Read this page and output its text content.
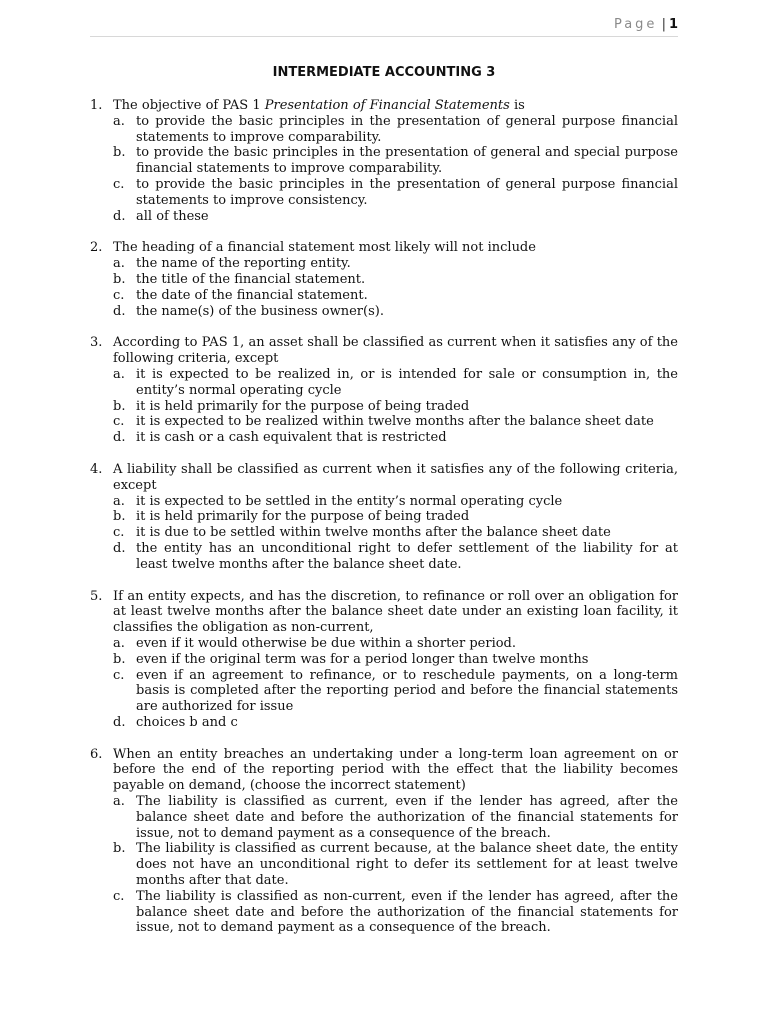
Page | 1
INTERMEDIATE ACCOUNTING 3
1. The objective of PAS 1 Presentation of Financial Statements is
a. to provide the basic principles in the presentation of general purpose financial statements to improve comparability.
b. to provide the basic principles in the presentation of general and special purpose financial statements to improve comparability.
c. to provide the basic principles in the presentation of general purpose financial statements to improve consistency.
d. all of these
2. The heading of a financial statement most likely will not include
a. the name of the reporting entity.
b. the title of the financial statement.
c. the date of the financial statement.
d. the name(s) of the business owner(s).
3. According to PAS 1, an asset shall be classified as current when it satisfies any of the following criteria, except
a. it is expected to be realized in, or is intended for sale or consumption in, the entity’s normal operating cycle
b. it is held primarily for the purpose of being traded
c. it is expected to be realized within twelve months after the balance sheet date
d. it is cash or a cash equivalent that is restricted
4. A liability shall be classified as current when it satisfies any of the following criteria, except
a. it is expected to be settled in the entity’s normal operating cycle
b. it is held primarily for the purpose of being traded
c. it is due to be settled within twelve months after the balance sheet date
d. the entity has an unconditional right to defer settlement of the liability for at least twelve months after the balance sheet date.
5. If an entity expects, and has the discretion, to refinance or roll over an obligation for at least twelve months after the balance sheet date under an existing loan facility, it classifies the obligation as non-current,
a. even if it would otherwise be due within a shorter period.
b. even if the original term was for a period longer than twelve months
c. even if an agreement to refinance, or to reschedule payments, on a long-term basis is completed after the reporting period and before the financial statements are authorized for issue
d. choices b and c
6. When an entity breaches an undertaking under a long-term loan agreement on or before the end of the reporting period with the effect that the liability becomes payable on demand, (choose the incorrect statement)
a. The liability is classified as current, even if the lender has agreed, after the balance sheet date and before the authorization of the financial statements for issue, not to demand payment as a consequence of the breach.
b. The liability is classified as current because, at the balance sheet date, the entity does not have an unconditional right to defer its settlement for at least twelve months after that date.
c. The liability is classified as non-current, even if the lender has agreed, after the balance sheet date and before the authorization of the financial statements for issue, not to demand payment as a consequence of the breach.
